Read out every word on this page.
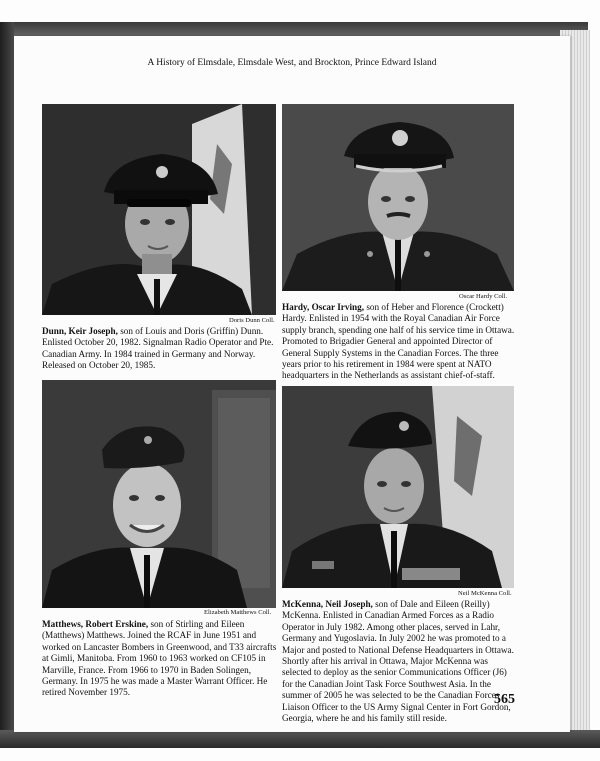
A History of Elmsdale, Elmsdale West, and Brockton, Prince Edward Island
Doris Dunn Coll.
Dunn, Keir Joseph, son of Louis and Doris (Griffin) Dunn. Enlisted October 20, 1982. Signalman Radio Operator and Pte. Canadian Army. In 1984 trained in Germany and Norway. Released on October 20, 1985.
Oscar Hardy Coll.
Hardy, Oscar Irving, son of Heber and Florence (Crockett) Hardy. Enlisted in 1954 with the Royal Canadian Air Force supply branch, spending one half of his service time in Ottawa. Promoted to Brigadier General and appointed Director of General Supply Systems in the Canadian Forces. The three years prior to his retirement in 1984 were spent at NATO headquarters in the Netherlands as assistant chief-of-staff.
Elizabeth Matthews Coll.
Matthews, Robert Erskine, son of Stirling and Eileen (Matthews) Matthews. Joined the RCAF in June 1951 and worked on Lancaster Bombers in Greenwood, and T33 aircrafts at Gimli, Manitoba. From 1960 to 1963 worked on CF105 in Marville, France. From 1966 to 1970 in Baden Solingen, Germany. In 1975 he was made a Master Warrant Officer. He retired November 1975.
Neil McKenna Coll.
McKenna, Neil Joseph, son of Dale and Eileen (Reilly) McKenna. Enlisted in Canadian Armed Forces as a Radio Operator in July 1982. Among other places, served in Lahr, Germany and Yugoslavia. In July 2002 he was promoted to a Major and posted to National Defense Headquarters in Ottawa. Shortly after his arrival in Ottawa, Major McKenna was selected to deploy as the senior Communications Officer (J6) for the Canadian Joint Task Force Southwest Asia. In the summer of 2005 he was selected to be the Canadian Forces Liaison Officer to the US Army Signal Center in Fort Gordon, Georgia, where he and his family still reside.
565
